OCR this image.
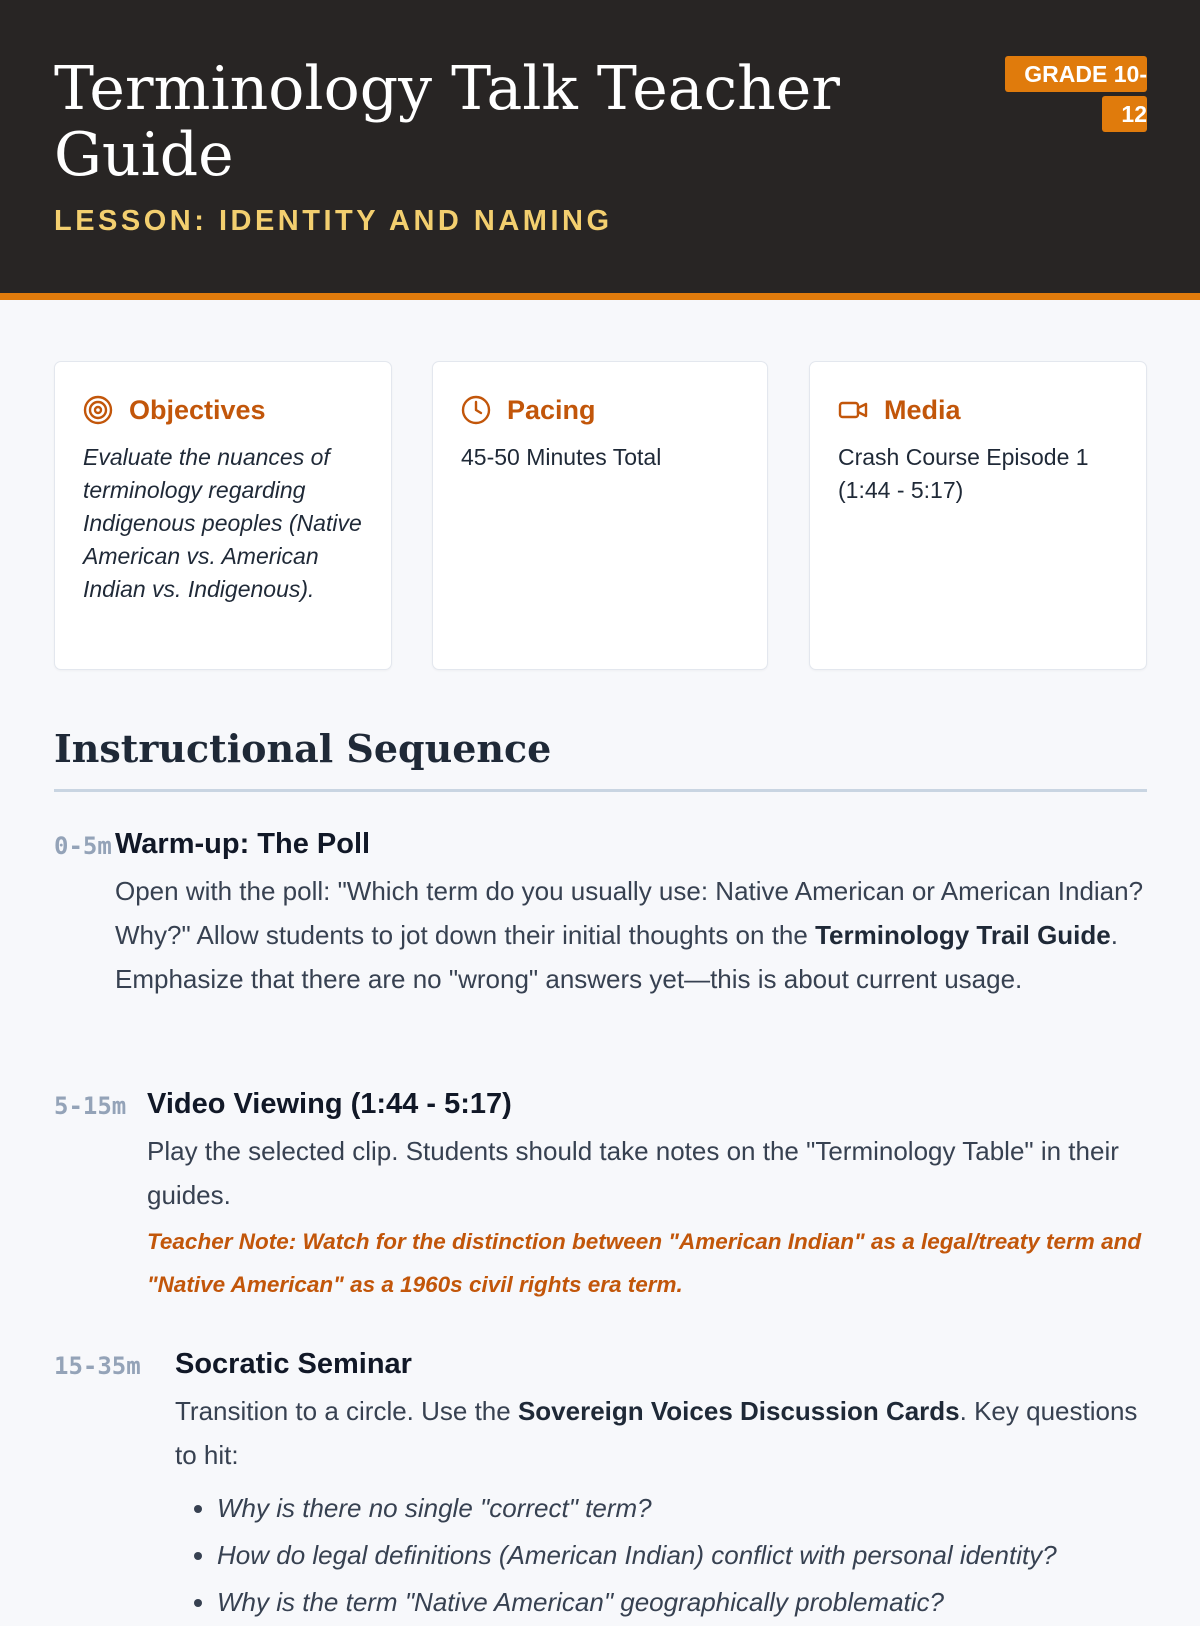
Terminology Talk Teacher Guide
LESSON: IDENTITY AND NAMING
GRADE 10-12
Objectives

Evaluate the nuances of terminology regarding Indigenous peoples (Native American vs. American Indian vs. Indigenous).

Pacing

45-50 Minutes Total

Media

Crash Course Episode 1 (1:44 - 5:17)

Instructional Sequence
0-5m Warm-up: The Poll

Open with the poll: "Which term do you usually use: Native American or American Indian? Why?" Allow students to jot down their initial thoughts on the Terminology Trail Guide. Emphasize that there are no "wrong" answers yet—this is about current usage.

5-15m Video Viewing (1:44 - 5:17)

Play the selected clip. Students should take notes on the "Terminology Table" in their guides.

Teacher Note: Watch for the distinction between "American Indian" as a legal/treaty term and "Native American" as a 1960s civil rights era term.

15-35m	Socratic Seminar

Transition to a circle. Use the Sovereign Voices Discussion Cards. Key questions to hit:

• Why is there no single "correct" term?
• How do legal definitions (American Indian) conflict with personal identity?
• Why is the term "Native American" geographically problematic?
